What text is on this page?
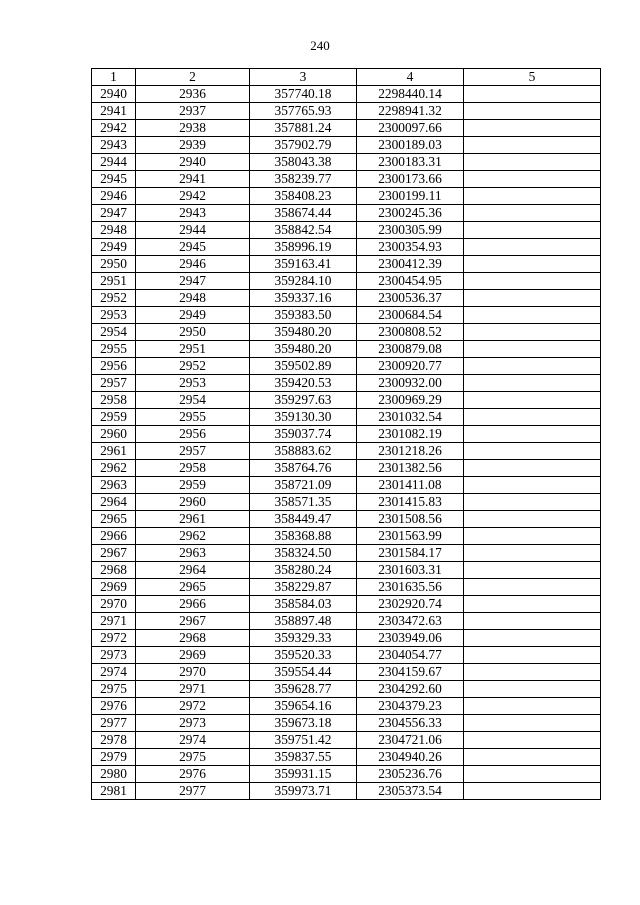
240
1	2	3	4	5
2940	2936	357740.18	2298440.14	
2941	2937	357765.93	2298941.32	
2942	2938	357881.24	2300097.66	
2943	2939	357902.79	2300189.03	
2944	2940	358043.38	2300183.31	
2945	2941	358239.77	2300173.66	
2946	2942	358408.23	2300199.11	
2947	2943	358674.44	2300245.36	
2948	2944	358842.54	2300305.99	
2949	2945	358996.19	2300354.93	
2950	2946	359163.41	2300412.39	
2951	2947	359284.10	2300454.95	
2952	2948	359337.16	2300536.37	
2953	2949	359383.50	2300684.54	
2954	2950	359480.20	2300808.52	
2955	2951	359480.20	2300879.08	
2956	2952	359502.89	2300920.77	
2957	2953	359420.53	2300932.00	
2958	2954	359297.63	2300969.29	
2959	2955	359130.30	2301032.54	
2960	2956	359037.74	2301082.19	
2961	2957	358883.62	2301218.26	
2962	2958	358764.76	2301382.56	
2963	2959	358721.09	2301411.08	
2964	2960	358571.35	2301415.83	
2965	2961	358449.47	2301508.56	
2966	2962	358368.88	2301563.99	
2967	2963	358324.50	2301584.17	
2968	2964	358280.24	2301603.31	
2969	2965	358229.87	2301635.56	
2970	2966	358584.03	2302920.74	
2971	2967	358897.48	2303472.63	
2972	2968	359329.33	2303949.06	
2973	2969	359520.33	2304054.77	
2974	2970	359554.44	2304159.67	
2975	2971	359628.77	2304292.60	
2976	2972	359654.16	2304379.23	
2977	2973	359673.18	2304556.33	
2978	2974	359751.42	2304721.06	
2979	2975	359837.55	2304940.26	
2980	2976	359931.15	2305236.76	
2981	2977	359973.71	2305373.54	
